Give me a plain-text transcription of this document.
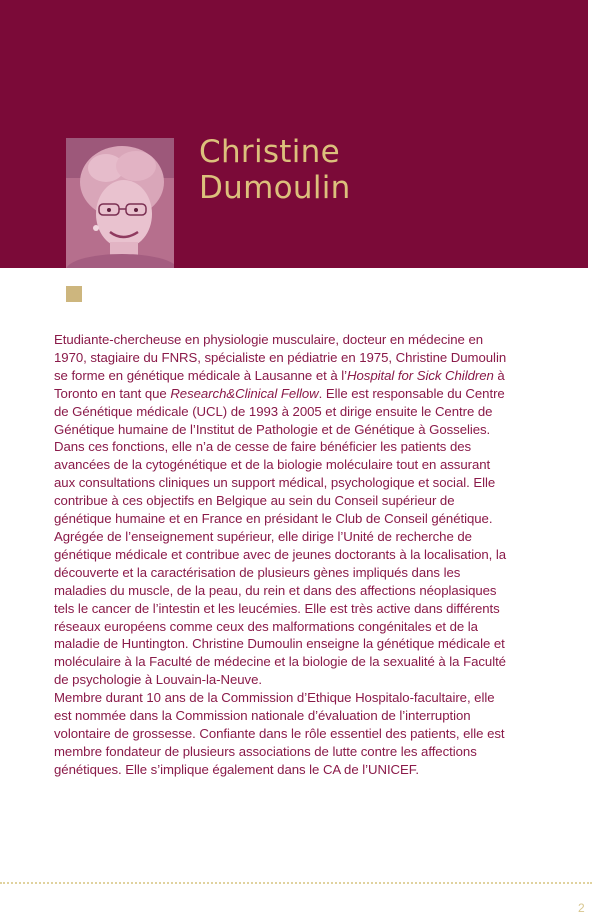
Christine
Dumoulin

Etudiante-chercheuse en physiologie musculaire, docteur en médecine en 1970, stagiaire du FNRS, spécialiste en pédiatrie en 1975, Christine Dumoulin se forme en génétique médicale à Lausanne et à l’Hospital for Sick Children à Toronto en tant que Research&Clinical Fellow. Elle est responsable du Centre de Génétique médicale (UCL) de 1993 à 2005 et dirige ensuite le Centre de Génétique humaine de l’Institut de Pathologie et de Génétique à Gosselies. Dans ces fonctions, elle n’a de cesse de faire bénéficier les patients des avancées de la cytogénétique et de la biologie moléculaire tout en assurant aux consultations cliniques un support médical, psychologique et social. Elle contribue à ces objectifs en Belgique au sein du Conseil supérieur de génétique humaine et en France en présidant le Club de Conseil génétique. Agrégée de l’enseignement supérieur, elle dirige l’Unité de recherche de génétique médicale et contribue avec de jeunes doctorants à la localisation, la découverte et la caractérisation de plusieurs gènes impliqués dans les maladies du muscle, de la peau, du rein et dans des affections néoplasiques tels le cancer de l’intestin et les leucémies. Elle est très active dans différents réseaux européens comme ceux des malformations congénitales et de la maladie de Huntington. Christine Dumoulin enseigne la génétique médicale et moléculaire à la Faculté de médecine et la biologie de la sexualité à la Faculté de psychologie à Louvain-la-Neuve.

Membre durant 10 ans de la Commission d’Ethique Hospitalo-facultaire, elle est nommée dans la Commission nationale d’évaluation de l’interruption volontaire de grossesse. Confiante dans le rôle essentiel des patients, elle est membre fondateur de plusieurs associations de lutte contre les affections génétiques. Elle s’implique également dans le CA de l’UNICEF.

2
